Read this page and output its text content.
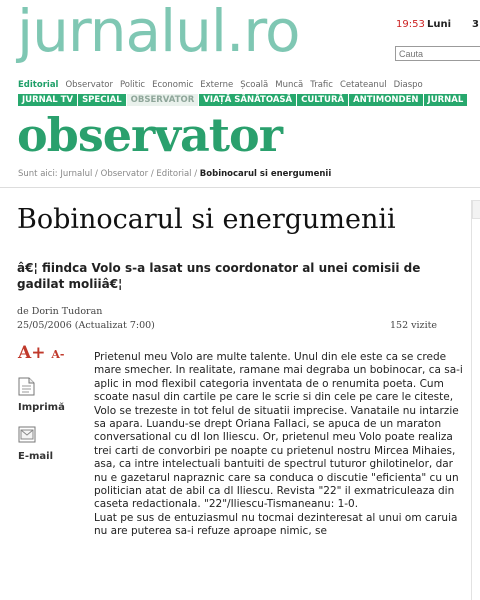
jurnalul.ro	19:53 Luni 3
Cauta
Editorial Observator Politic Economic Externe Școală Muncă Trafic Cetateanul Diaspo
JURNAL TV SPECIAL OBSERVATOR VIAȚĂ SĂNĂTOASĂ CULTURĂ ANTIMONDEN JURNAL
observator
Sunt aici: Jurnalul / Observator / Editorial / Bobinocarul si energumenii
Bobinocarul si energumenii
â€¦ fiindca Volo s-a lasat uns coordonator al unei comisii de gadilat moliiâ€¦
de Dorin Tudoran
25/05/2006 (Actualizat 7:00)	152 vizite
A+ A-
Imprimă
E-mail

Prietenul meu Volo are multe talente. Unul din ele este ca se crede mare smecher. In realitate, ramane mai degraba un bobinocar, ca sa-i aplic in mod flexibil categoria inventata de o renumita poeta. Cum scoate nasul din cartile pe care le scrie si din cele pe care le citeste, Volo se trezeste in tot felul de situatii imprecise. Vanataile nu intarzie sa apara. Luandu-se drept Oriana Fallaci, se apuca de un maraton conversational cu dl Ion Iliescu. Or, prietenul meu Volo poate realiza trei carti de convorbiri pe noapte cu prietenul nostru Mircea Mihaies, asa, ca intre intelectuali bantuiti de spectrul tuturor ghilotinelor, dar nu e gazetarul napraznic care sa conduca o discutie "eficienta" cu un politician atat de abil ca dl Iliescu. Revista "22" il exmatriculeaza din caseta redactionala. "22"/Iliescu-Tismaneanu: 1-0.

Luat pe sus de entuziasmul nu tocmai dezinteresat al unui om caruia nu are puterea sa-i refuze aproape nimic, se
